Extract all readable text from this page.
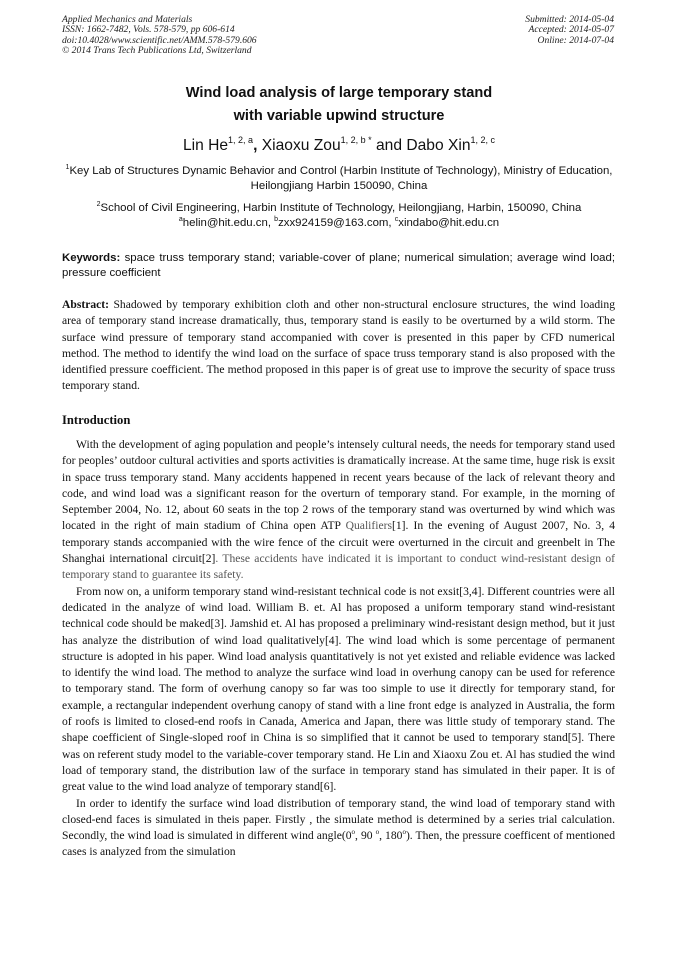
Applied Mechanics and Materials
ISSN: 1662-7482, Vols. 578-579, pp 606-614
doi:10.4028/www.scientific.net/AMM.578-579.606
© 2014 Trans Tech Publications Ltd, Switzerland
Submitted: 2014-05-04
Accepted: 2014-05-07
Online: 2014-07-04
Wind load analysis of large temporary stand
with variable upwind structure
Lin He$^{1, 2, a}$, Xiaoxu Zou$^{1, 2, b *}$ and Dabo Xin$^{1, 2, c}$
$^1$Key Lab of Structures Dynamic Behavior and Control (Harbin Institute of Technology), Ministry of Education, Heilongjiang Harbin 150090, China
$^2$School of Civil Engineering, Harbin Institute of Technology, Heilongjiang, Harbin, 150090, China
$^a$helin@hit.edu.cn, $^b$zxx924159@163.com, $^c$xindabo@hit.edu.cn
Keywords: space truss temporary stand; variable-cover of plane; numerical simulation; average wind load; pressure coefficient
Abstract: Shadowed by temporary exhibition cloth and other non-structural enclosure structures, the wind loading area of temporary stand increase dramatically, thus, temporary stand is easily to be overturned by a wild storm. The surface wind pressure of temporary stand accompanied with cover is presented in this paper by CFD numerical method. The method to identify the wind load on the surface of space truss temporary stand is also proposed with the identified pressure coefficient. The method proposed in this paper is of great use to improve the security of space truss temporary stand.
Introduction

With the development of aging population and people’s intensely cultural needs, the needs for temporary stand used for peoples’ outdoor cultural activities and sports activities is dramatically increase. At the same time, huge risk is exsit in space truss temporary stand. Many accidents happened in recent years because of the lack of relevant theory and code, and wind load was a significant reason for the overturn of temporary stand. For example, in the morning of September 2004, No. 12, about 60 seats in the top 2 rows of the temporary stand was overturned by wind which was located in the right of main stadium of China open ATP Qualifiers[1]. In the evening of August 2007, No. 3, 4 temporary stands accompanied with the wire fence of the circuit were overturned in the circuit and greenbelt in The Shanghai international circuit[2]. These accidents have indicated it is important to conduct wind-resistant design of temporary stand to guarantee its safety.

From now on, a uniform temporary stand wind-resistant technical code is not exsit[3,4]. Different countries were all dedicated in the analyze of wind load. William B. et. Al has proposed a uniform temporary stand wind-resistant technical code should be maked[3]. Jamshid et. Al has proposed a preliminary wind-resistant design method, but it just has analyze the distribution of wind load qualitatively[4]. The wind load which is some percentage of permanent structure is adopted in his paper. Wind load analysis quantitatively is not yet existed and reliable evidence was lacked to identify the wind load. The method to analyze the surface wind load in overhung canopy can be used for reference to temporary stand. The form of overhung canopy so far was too simple to use it directly for temporary stand, for example, a rectangular independent overhung canopy of stand with a line front edge is analyzed in Australia, the form of roofs is limited to closed-end roofs in Canada, America and Japan, there was little study of temporary stand. The shape coefficient of Single-sloped roof in China is so simplified that it cannot be used to temporary stand[5]. There was on referent study model to the variable-cover temporary stand. He Lin and Xiaoxu Zou et. Al has studied the wind load of temporary stand, the distribution law of the surface in temporary stand has simulated in their paper. It is of great value to the wind load analyze of temporary stand[6].

In order to identify the surface wind load distribution of temporary stand, the wind load of temporary stand with closed-end faces is simulated in theis paper. Firstly , the simulate method is determined by a series trial calculation. Secondly, the wind load is simulated in different wind angle(0$^o$, 90 $^o$, 180$^o$). Then, the pressure coefficent of mentioned cases is analyzed from the simulation
